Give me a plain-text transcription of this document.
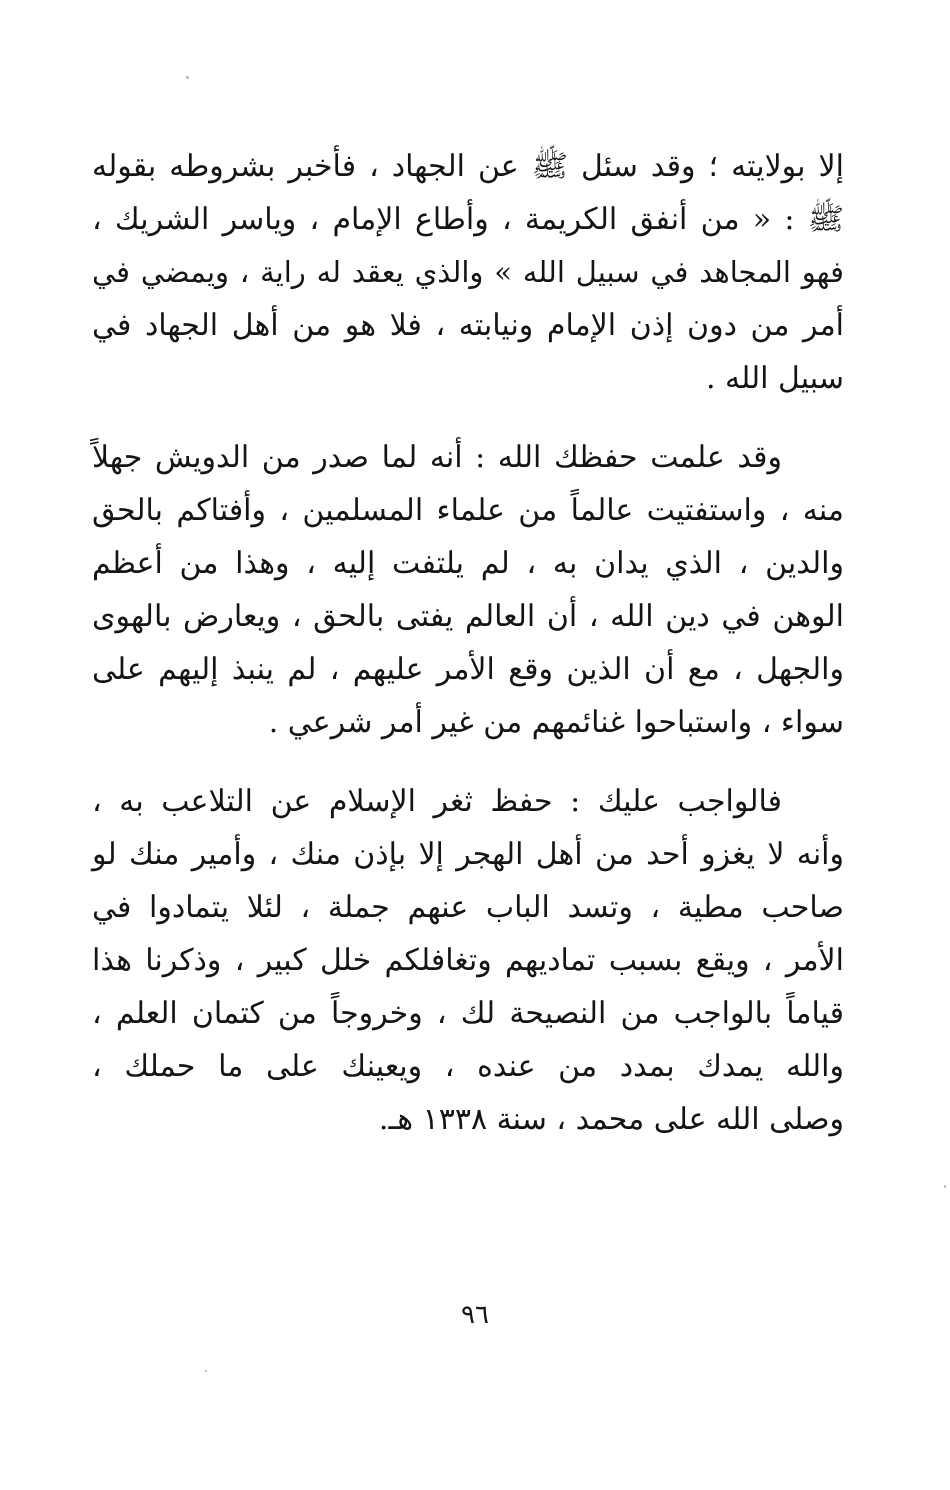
إلا بولايته ؛ وقد سئل ﷺ عن الجهاد ، فأخبر بشروطه بقوله
ﷺ : « من أنفق الكريمة ، وأطاع الإمام ، وياسر الشريك ،
فهو المجاهد في سبيل الله » والذي يعقد له راية ، ويمضي في
أمر من دون إذن الإمام ونيابته ، فلا هو من أهل الجهاد في
سبيل الله .

وقد علمت حفظك الله : أنه لما صدر من الدويش جهلاً
منه ، واستفتيت عالماً من علماء المسلمين ، وأفتاكم بالحق
والدين ، الذي يدان به ، لم يلتفت إليه ، وهذا من أعظم
الوهن في دين الله ، أن العالم يفتى بالحق ، ويعارض بالهوى
والجهل ، مع أن الذين وقع الأمر عليهم ، لم ينبذ إليهم على
سواء ، واستباحوا غنائمهم من غير أمر شرعي .

فالواجب عليك : حفظ ثغر الإسلام عن التلاعب به ،
وأنه لا يغزو أحد من أهل الهجر إلا بإذن منك ، وأمير منك لو
صاحب مطية ، وتسد الباب عنهم جملة ، لئلا يتمادوا في
الأمر ، ويقع بسبب تماديهم وتغافلكم خلل كبير ، وذكرنا هذا
قياماً بالواجب من النصيحة لك ، وخروجاً من كتمان العلم ،
والله يمدك بمدد من عنده ، ويعينك على ما حملك ،
وصلى الله على محمد ، سنة ١٣٣٨ هـ.

٩٦
